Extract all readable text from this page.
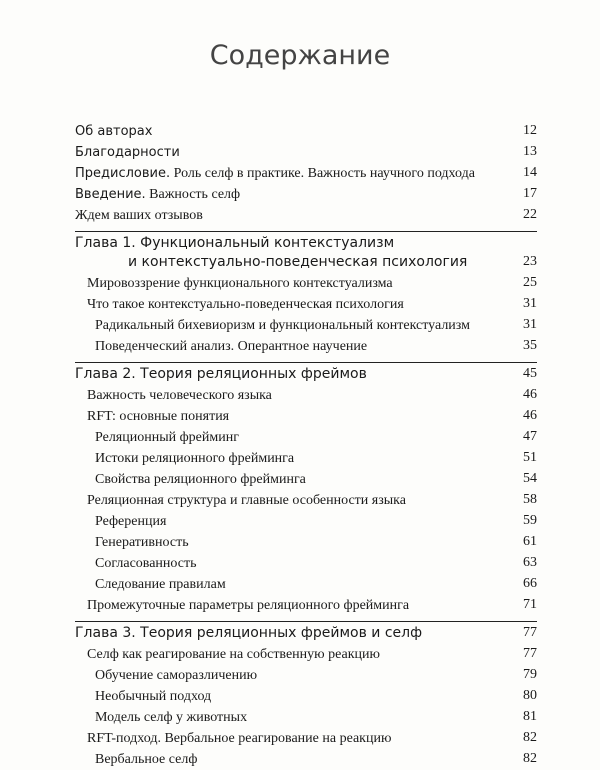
Содержание
Об авторах	12
Благодарности	13
Предисловие. Роль селф в практике. Важность научного подхода	14
Введение. Важность селф	17
Ждем ваших отзывов	22
Глава 1. Функциональный контекстуализм
и контекстуально-поведенческая психология	23
Мировоззрение функционального контекстуализма	25
Что такое контекстуально-поведенческая психология	31
Радикальный бихевиоризм и функциональный контекстуализм	31
Поведенческий анализ. Оперантное научение	35
Глава 2. Теория реляционных фреймов	45
Важность человеческого языка	46
RFT: основные понятия	46
Реляционный фрейминг	47
Истоки реляционного фрейминга	51
Свойства реляционного фрейминга	54
Реляционная структура и главные особенности языка	58
Референция	59
Генеративность	61
Согласованность	63
Следование правилам	66
Промежуточные параметры реляционного фрейминга	71
Глава 3. Теория реляционных фреймов и селф	77
Селф как реагирование на собственную реакцию	77
Обучение саморазличению	79
Необычный подход	80
Модель селф у животных	81
RFT-подход. Вербальное реагирование на реакцию	82
Вербальное селф	82
